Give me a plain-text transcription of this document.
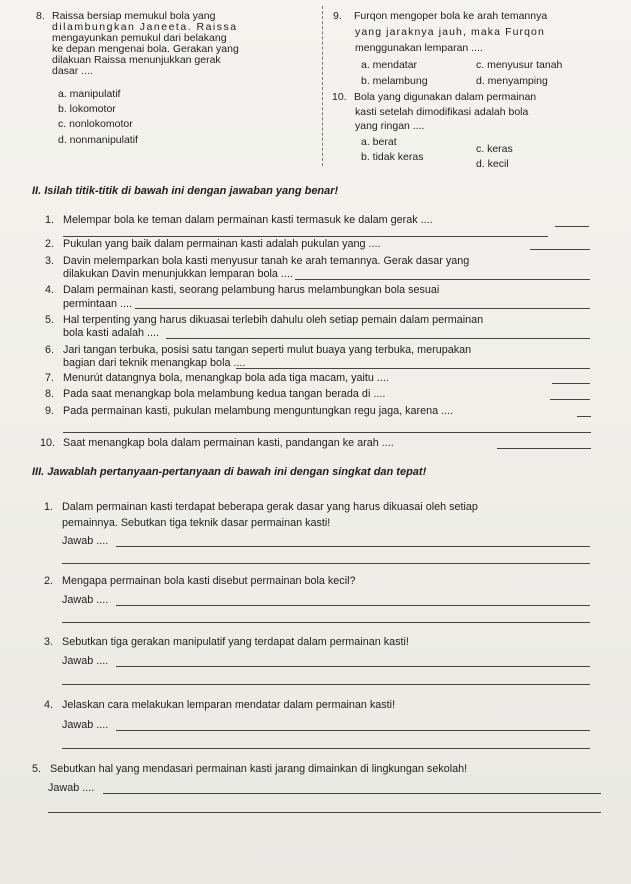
8. Raissa bersiap memukul bola yang
dilambungkan Janeeta. Raissa
mengayunkan pemukul dari belakang
ke depan mengenai bola. Gerakan yang
dilakuan Raissa menunjukkan gerak
dasar ....
a. manipulatif
b. lokomotor
c. nonlokomotor
d. nonmanipulatif
9. Furqon mengoper bola ke arah temannya
yang jaraknya jauh, maka Furqon
menggunakan lemparan ....
a. mendatar	c. menyusur tanah
b. melambung	d. menyamping
10. Bola yang digunakan dalam permainan
kasti setelah dimodifikasi adalah bola
yang ringan ....
a. berat
c. keras
b. tidak keras
d. kecil
II. Isilah titik-titik di bawah ini dengan jawaban yang benar!
1. Melempar bola ke teman dalam permainan kasti termasuk ke dalam gerak ....
2. Pukulan yang baik dalam permainan kasti adalah pukulan yang ....
3. Davin melemparkan bola kasti menyusur tanah ke arah temannya. Gerak dasar yang
dilakukan Davin menunjukkan lemparan bola ....
4. Dalam permainan kasti, seorang pelambung harus melambungkan bola sesuai
permintaan ....
5. Hal terpenting yang harus dikuasai terlebih dahulu oleh setiap pemain dalam permainan
bola kasti adalah ....
6. Jari tangan terbuka, posisi satu tangan seperti mulut buaya yang terbuka, merupakan
bagian dari teknik menangkap bola ....
7. Menurút datangnya bola, menangkap bola ada tiga macam, yaitu ....
8. Pada saat menangkap bola melambung kedua tangan berada di ....
9. Pada permainan kasti, pukulan melambung menguntungkan regu jaga, karena ....
10. Saat menangkap bola dalam permainan kasti, pandangan ke arah ....
III. Jawablah pertanyaan-pertanyaan di bawah ini dengan singkat dan tepat!
1. Dalam permainan kasti terdapat beberapa gerak dasar yang harus dikuasai oleh setiap
pemainnya. Sebutkan tiga teknik dasar permainan kasti!
Jawab ....
2. Mengapa permainan bola kasti disebut permainan bola kecil?
Jawab ....
3. Sebutkan tiga gerakan manipulatif yang terdapat dalam permainan kasti!
Jawab ....
4. Jelaskan cara melakukan lemparan mendatar dalam permainan kasti!
Jawab ....
5. Sebutkan hal yang mendasari permainan kasti jarang dimainkan di lingkungan sekolah!
Jawab ....
